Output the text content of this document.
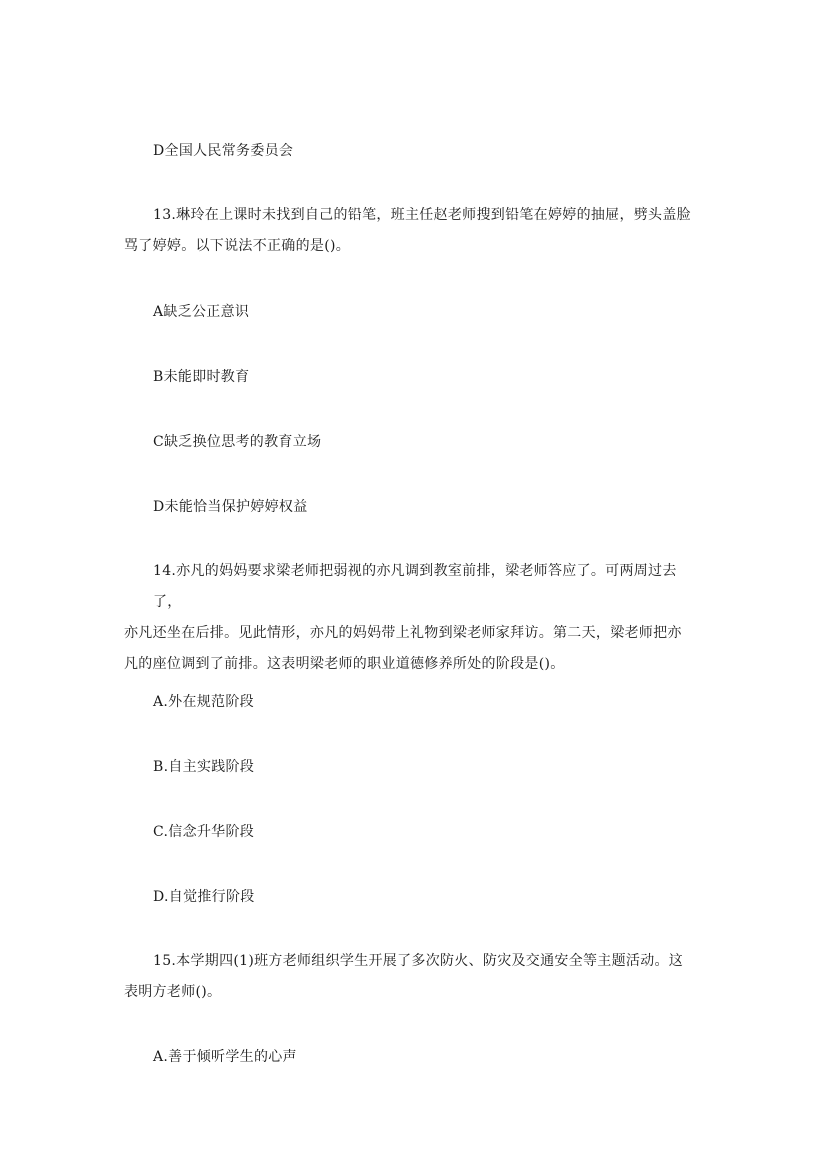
D全国人民常务委员会
13.琳玲在上课时未找到自己的铅笔，班主任赵老师搜到铅笔在婷婷的抽屉，劈头盖脸
骂了婷婷。以下说法不正确的是()。
A缺乏公正意识
B未能即时教育
C缺乏换位思考的教育立场
D未能恰当保护婷婷权益
14.亦凡的妈妈要求梁老师把弱视的亦凡调到教室前排，梁老师答应了。可两周过去了，
亦凡还坐在后排。见此情形，亦凡的妈妈带上礼物到梁老师家拜访。第二天，梁老师把亦
凡的座位调到了前排。这表明梁老师的职业道德修养所处的阶段是()。
A.外在规范阶段
B.自主实践阶段
C.信念升华阶段
D.自觉推行阶段
15.本学期四(1)班方老师组织学生开展了多次防火、防灾及交通安全等主题活动。这
表明方老师()。
A.善于倾听学生的心声
